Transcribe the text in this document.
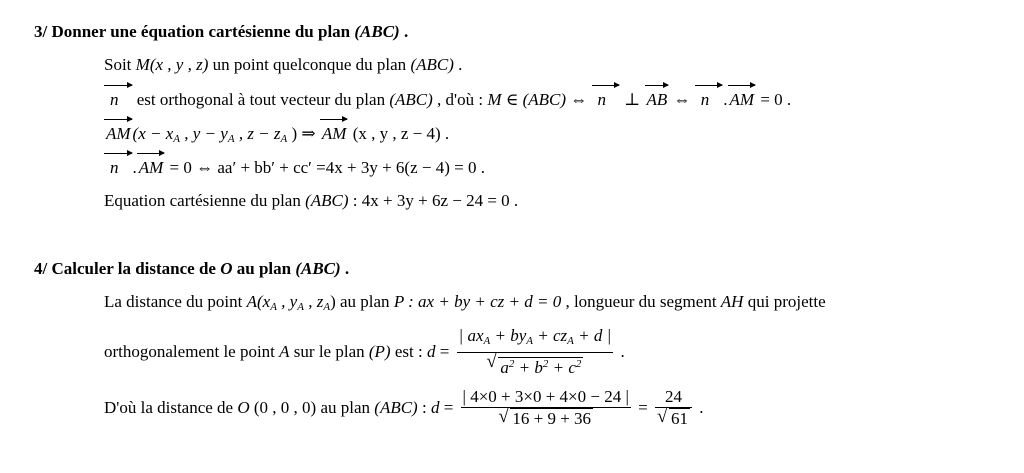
3/ Donner une équation cartésienne du plan (ABC) .
Soit M(x , y , z) un point quelconque du plan (ABC) .
n est orthogonal à tout vecteur du plan (ABC) , d'où : M ∈ (ABC) ⇔ n ⊥ AB ⇔ n . AM = 0 .
AM ($x - x_A$ , $y - y_A$ , $z - z_A$ ) ⇒ AM (x , y , z − 4) .
n . AM = 0 ⇔ aa′ + bb′ + cc′ =4x + 3y + 6(z − 4) = 0 .
Equation cartésienne du plan (ABC) : 4x + 3y + 6z − 24 = 0 .
4/ Calculer la distance de O au plan (ABC) .
La distance du point $A(x_A$ , $y_A$ , $z_A$) au plan P : ax + by + cz + d = 0 , longueur du segment AH qui projette
orthogonalement le point A sur le plan (P) est : $d = \frac{| ax_A + by_A + cz_A + d |}{√ a^2 + b^2 + c^2}$ .
D'où la distance de O (0 , 0 , 0) au plan (ABC) : $d = \frac{| 4\times 0 + 3\times 0 + 4\times 0 - 24 |}{√ 16 + 9 + 36} = \frac{24}{√ 61}$ .
